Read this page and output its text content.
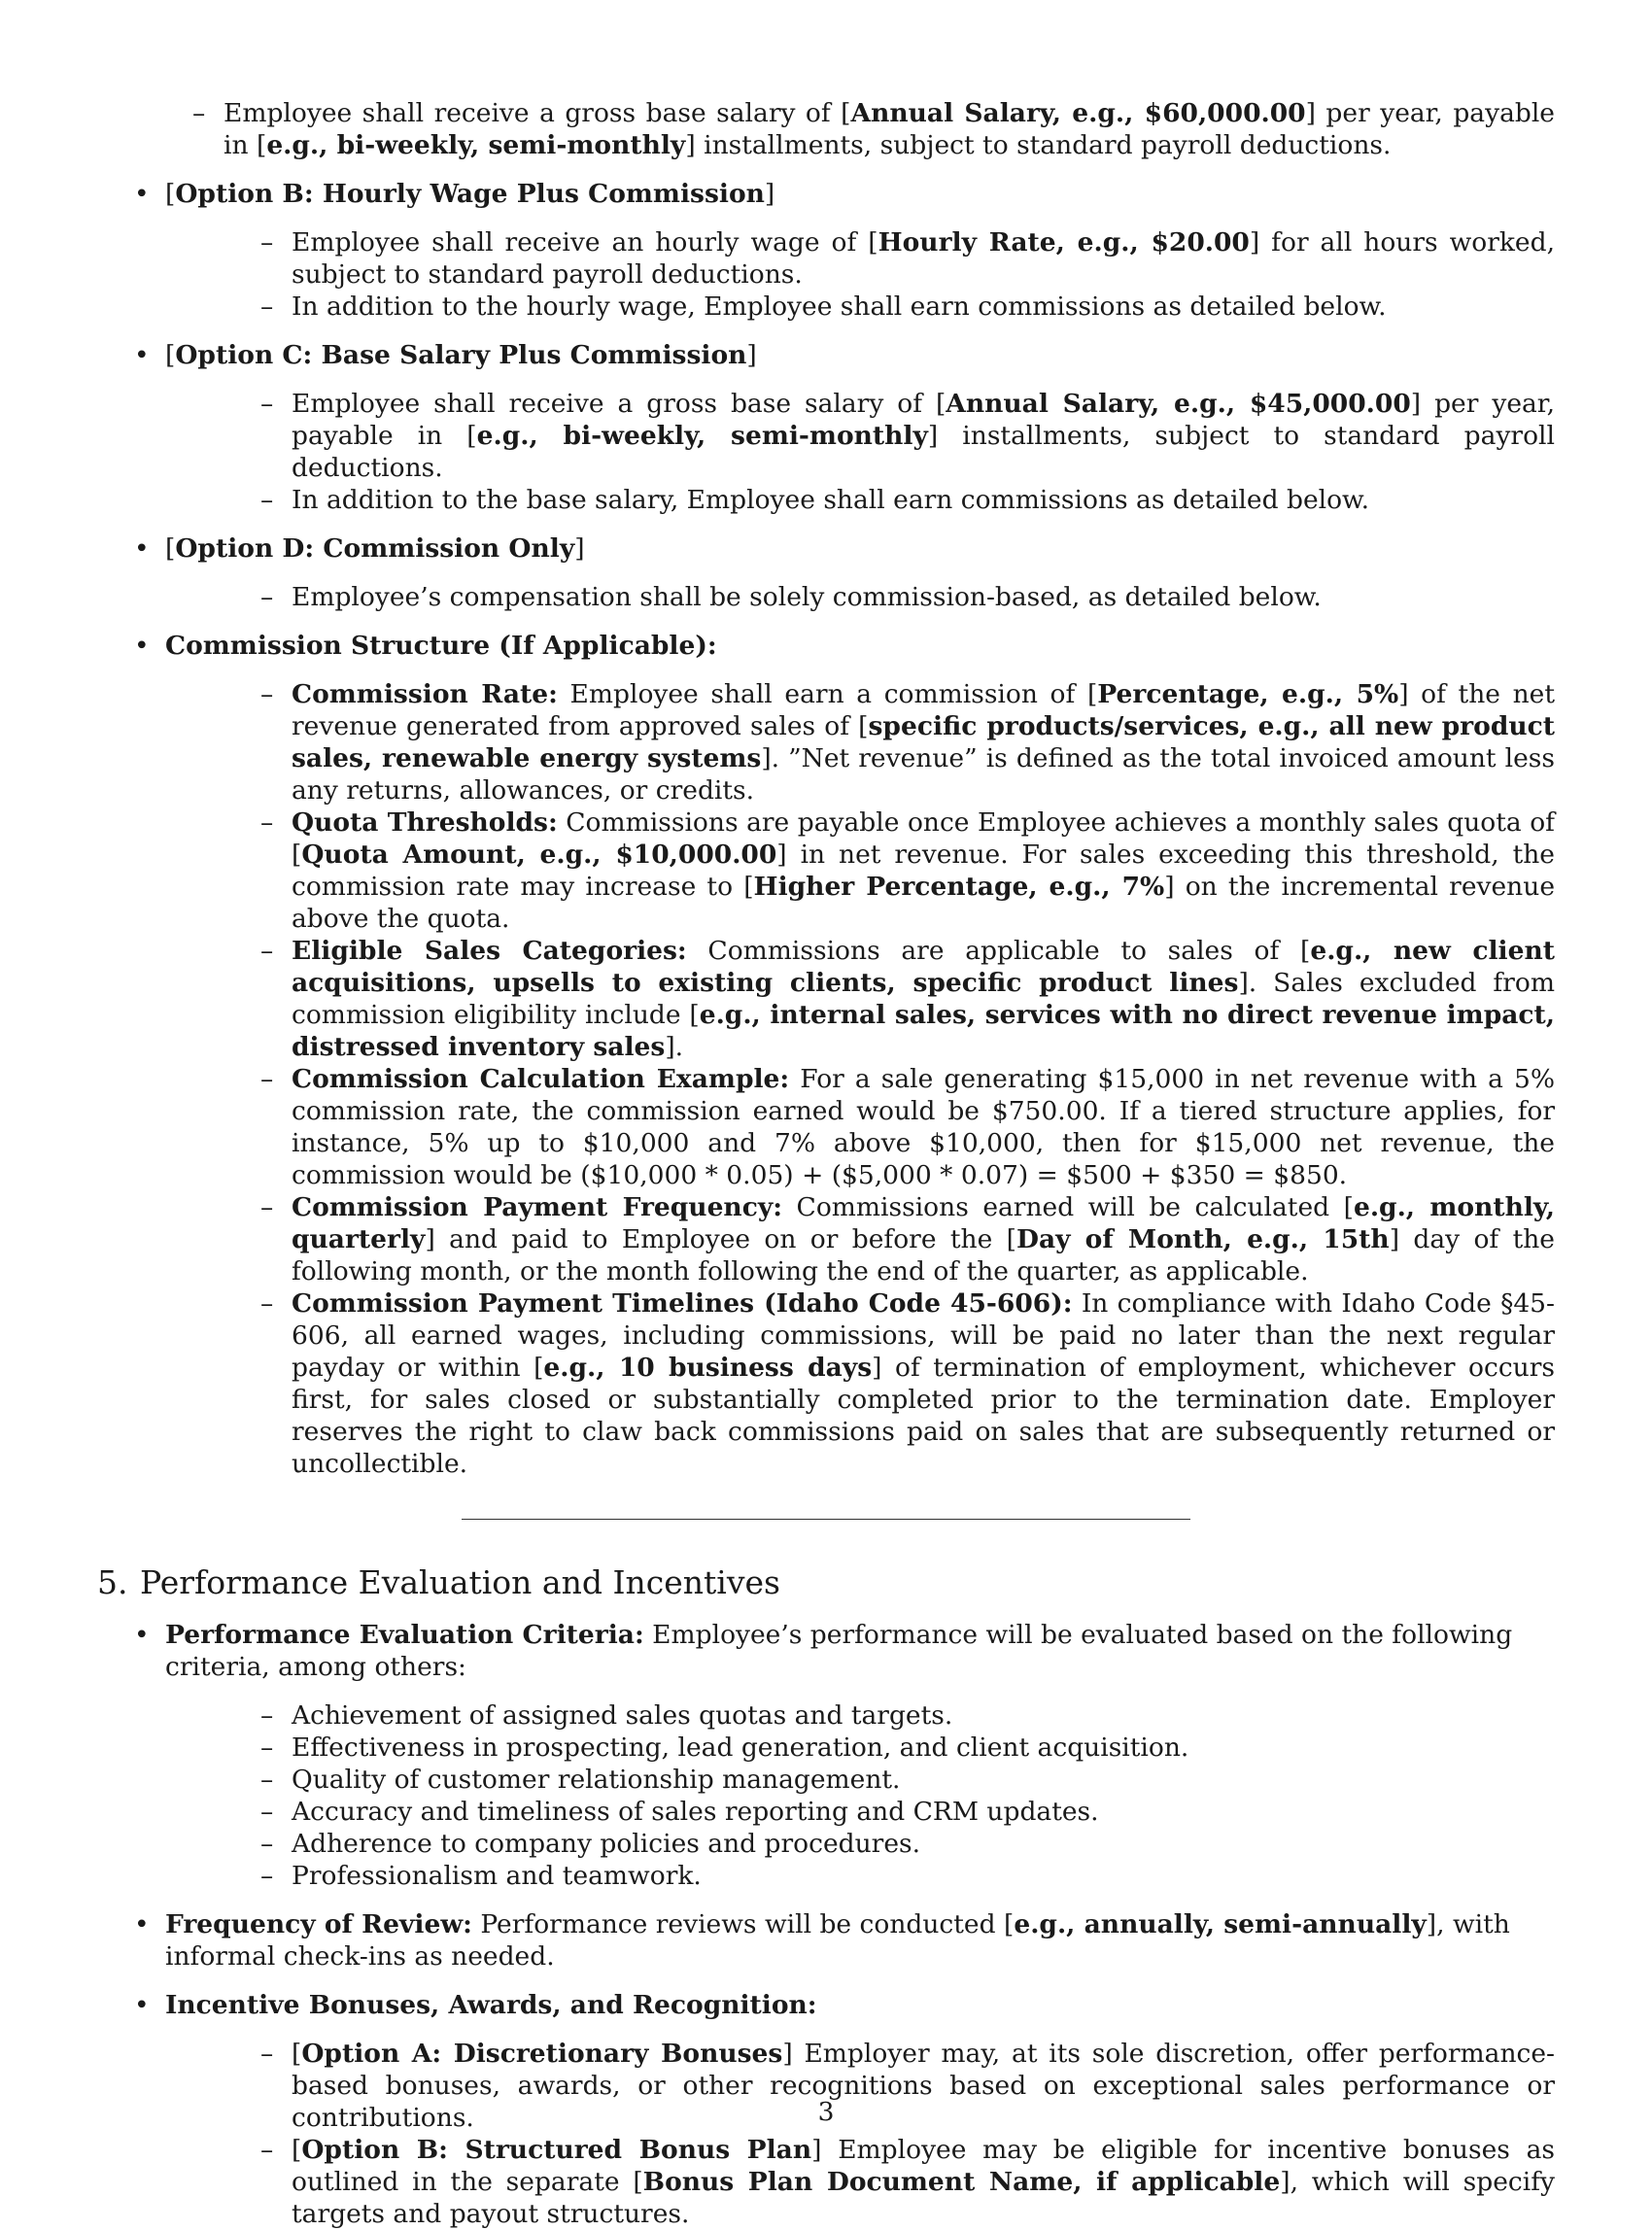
– Employee shall receive a gross base salary of [Annual Salary, e.g., $60,000.00] per year, payable in [e.g., bi-weekly, semi-monthly] installments, subject to standard payroll deductions.
• [Option B: Hourly Wage Plus Commission]
– Employee shall receive an hourly wage of [Hourly Rate, e.g., $20.00] for all hours worked, subject to standard payroll deductions.
– In addition to the hourly wage, Employee shall earn commissions as detailed below.
• [Option C: Base Salary Plus Commission]
– Employee shall receive a gross base salary of [Annual Salary, e.g., $45,000.00] per year, payable in [e.g., bi-weekly, semi-monthly] installments, subject to standard payroll deductions.
– In addition to the base salary, Employee shall earn commissions as detailed below.
• [Option D: Commission Only]
– Employee’s compensation shall be solely commission-based, as detailed below.
• Commission Structure (If Applicable):
– Commission Rate: Employee shall earn a commission of [Percentage, e.g., 5%] of the net revenue generated from approved sales of [specific products/services, e.g., all new product sales, renewable energy systems]. ”Net revenue” is defined as the total invoiced amount less any returns, allowances, or credits.
– Quota Thresholds: Commissions are payable once Employee achieves a monthly sales quota of [Quota Amount, e.g., $10,000.00] in net revenue. For sales exceeding this threshold, the commission rate may increase to [Higher Percentage, e.g., 7%] on the incremental revenue above the quota.
– Eligible Sales Categories: Commissions are applicable to sales of [e.g., new client acquisitions, upsells to existing clients, specific product lines]. Sales excluded from commission eligibility include [e.g., internal sales, services with no direct revenue impact, distressed inventory sales].
– Commission Calculation Example: For a sale generating $15,000 in net revenue with a 5% commission rate, the commission earned would be $750.00. If a tiered structure applies, for instance, 5% up to $10,000 and 7% above $10,000, then for $15,000 net revenue, the commission would be ($10,000 * 0.05) + ($5,000 * 0.07) = $500 + $350 = $850.
– Commission Payment Frequency: Commissions earned will be calculated [e.g., monthly, quarterly] and paid to Employee on or before the [Day of Month, e.g., 15th] day of the following month, or the month following the end of the quarter, as applicable.
– Commission Payment Timelines (Idaho Code 45-606): In compliance with Idaho Code §45-606, all earned wages, including commissions, will be paid no later than the next regular payday or within [e.g., 10 business days] of termination of employment, whichever occurs first, for sales closed or substantially completed prior to the termination date. Employer reserves the right to claw back commissions paid on sales that are subsequently returned or uncollectible.
5. Performance Evaluation and Incentives
• Performance Evaluation Criteria: Employee’s performance will be evaluated based on the following criteria, among others:
– Achievement of assigned sales quotas and targets.
– Effectiveness in prospecting, lead generation, and client acquisition.
– Quality of customer relationship management.
– Accuracy and timeliness of sales reporting and CRM updates.
– Adherence to company policies and procedures.
– Professionalism and teamwork.
• Frequency of Review: Performance reviews will be conducted [e.g., annually, semi-annually], with informal check-ins as needed.
• Incentive Bonuses, Awards, and Recognition:
– [Option A: Discretionary Bonuses] Employer may, at its sole discretion, offer performance-based bonuses, awards, or other recognitions based on exceptional sales performance or contributions.
– [Option B: Structured Bonus Plan] Employee may be eligible for incentive bonuses as outlined in the separate [Bonus Plan Document Name, if applicable], which will specify targets and payout structures.
3
